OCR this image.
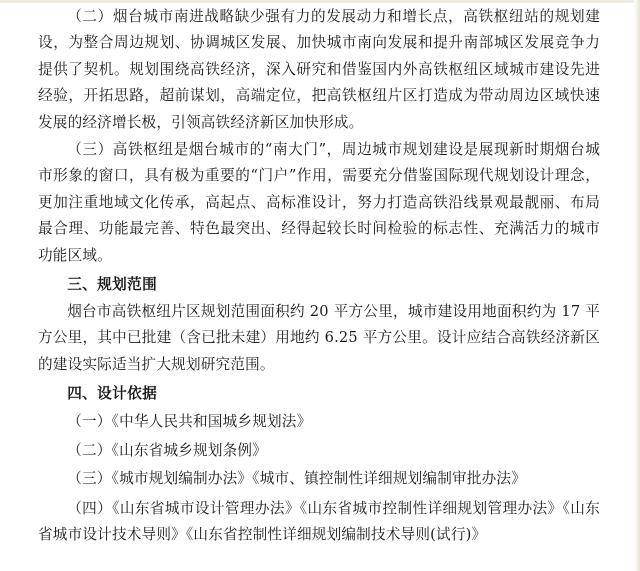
（二）烟台城市南进战略缺少强有力的发展动力和增长点，高铁枢纽站的规划建设，为整合周边规划、协调城区发展、加快城市南向发展和提升南部城区发展竞争力提供了契机。规划围绕高铁经济，深入研究和借鉴国内外高铁枢纽区域城市建设先进经验，开拓思路，超前谋划，高端定位，把高铁枢纽片区打造成为带动周边区域快速发展的经济增长极，引领高铁经济新区加快形成。

（三）高铁枢纽是烟台城市的“南大门”，周边城市规划建设是展现新时期烟台城市形象的窗口，具有极为重要的“门户”作用，需要充分借鉴国际现代规划设计理念，更加注重地域文化传承，高起点、高标准设计，努力打造高铁沿线景观最靓丽、布局最合理、功能最完善、特色最突出、经得起较长时间检验的标志性、充满活力的城市功能区域。

三、规划范围

烟台市高铁枢纽片区规划范围面积约 20 平方公里，城市建设用地面积约为 17 平方公里，其中已批建（含已批未建）用地约 6.25 平方公里。设计应结合高铁经济新区的建设实际适当扩大规划研究范围。

四、设计依据

（一）《中华人民共和国城乡规划法》

（二）《山东省城乡规划条例》

（三）《城市规划编制办法》《城市、镇控制性详细规划编制审批办法》

（四）《山东省城市设计管理办法》《山东省城市控制性详细规划管理办法》《山东省城市设计技术导则》《山东省控制性详细规划编制技术导则(试行)》
